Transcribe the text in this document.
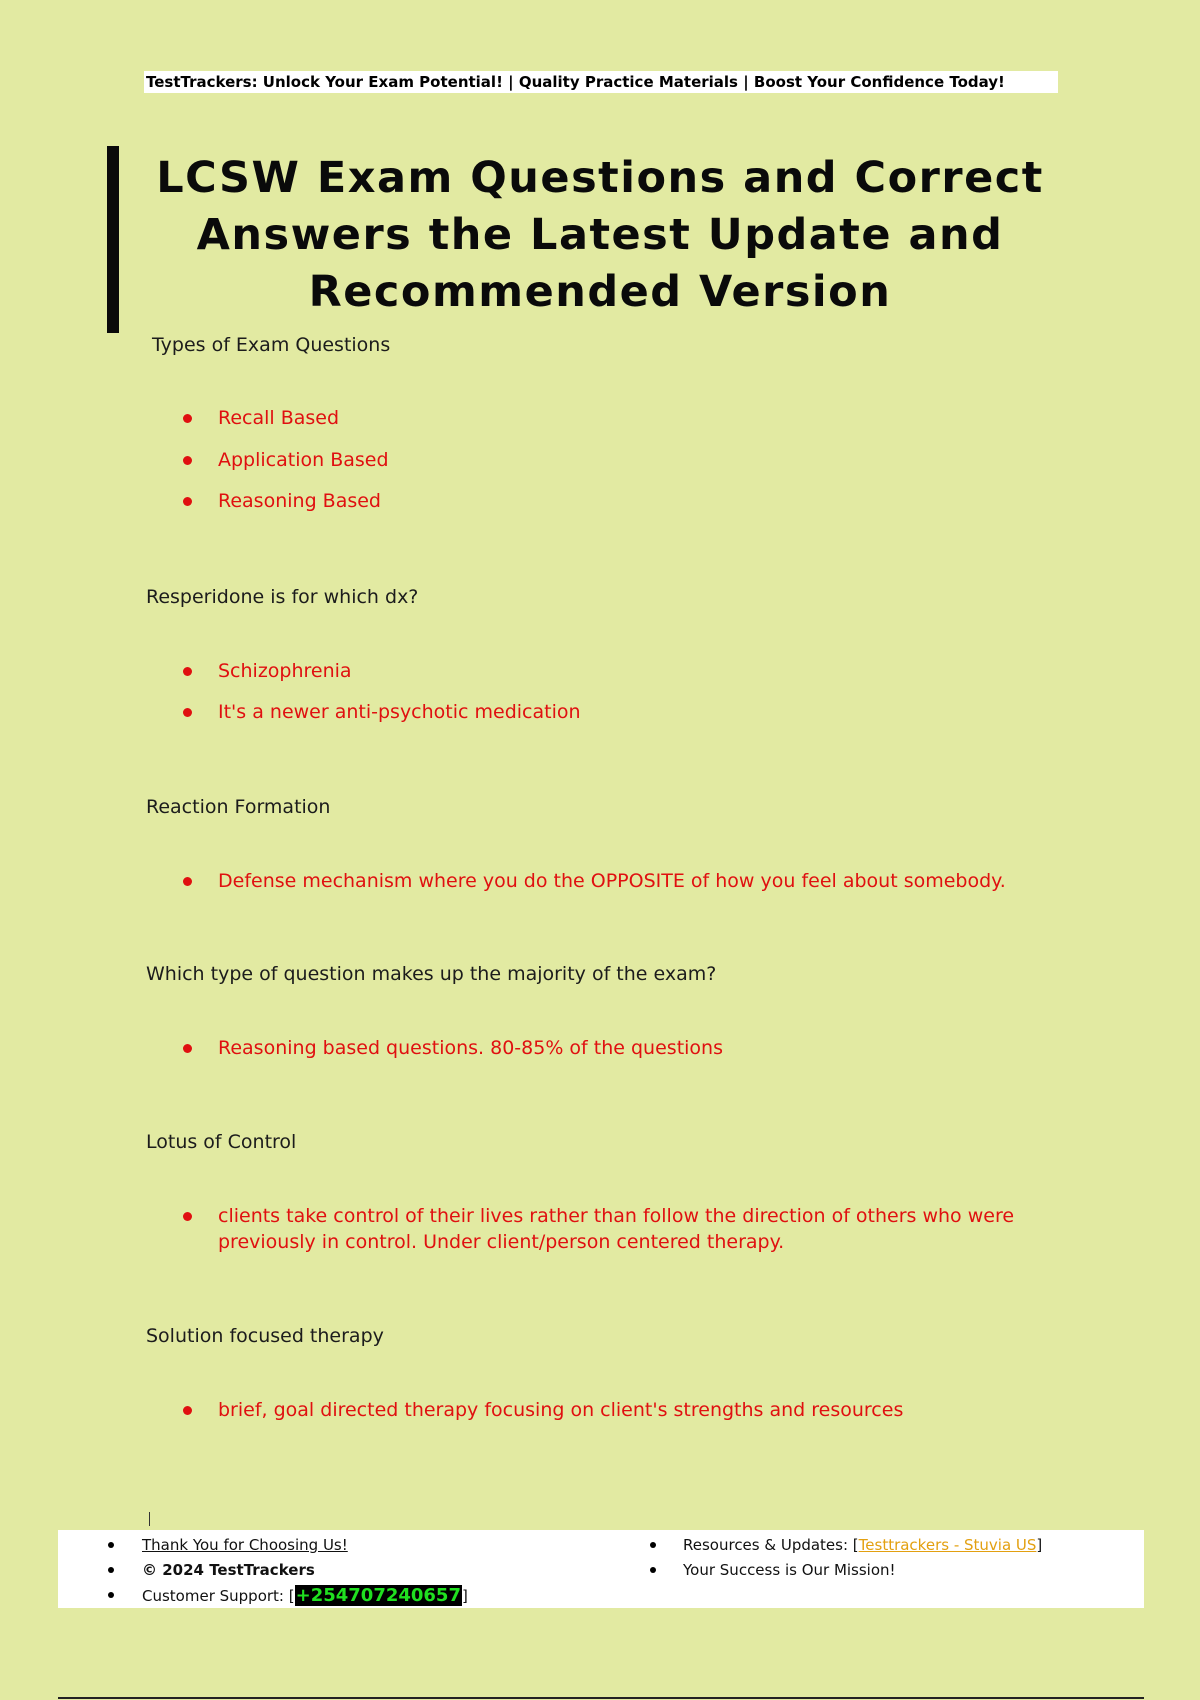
TestTrackers: Unlock Your Exam Potential! | Quality Practice Materials | Boost Your Confidence Today!
LCSW Exam Questions and Correct
Answers the Latest Update and
Recommended Version
Types of Exam Questions
Recall Based
Application Based
Reasoning Based
Resperidone is for which dx?
Schizophrenia
It's a newer anti-psychotic medication
Reaction Formation
Defense mechanism where you do the OPPOSITE of how you feel about somebody.
Which type of question makes up the majority of the exam?
Reasoning based questions. 80-85% of the questions
Lotus of Control
clients take control of their lives rather than follow the direction of others who were previously in control. Under client/person centered therapy.
Solution focused therapy
brief, goal directed therapy focusing on client's strengths and resources
Thank You for Choosing Us!
© 2024 TestTrackers
Customer Support: [+254707240657]
Resources & Updates: [Testtrackers - Stuvia US]
Your Success is Our Mission!
